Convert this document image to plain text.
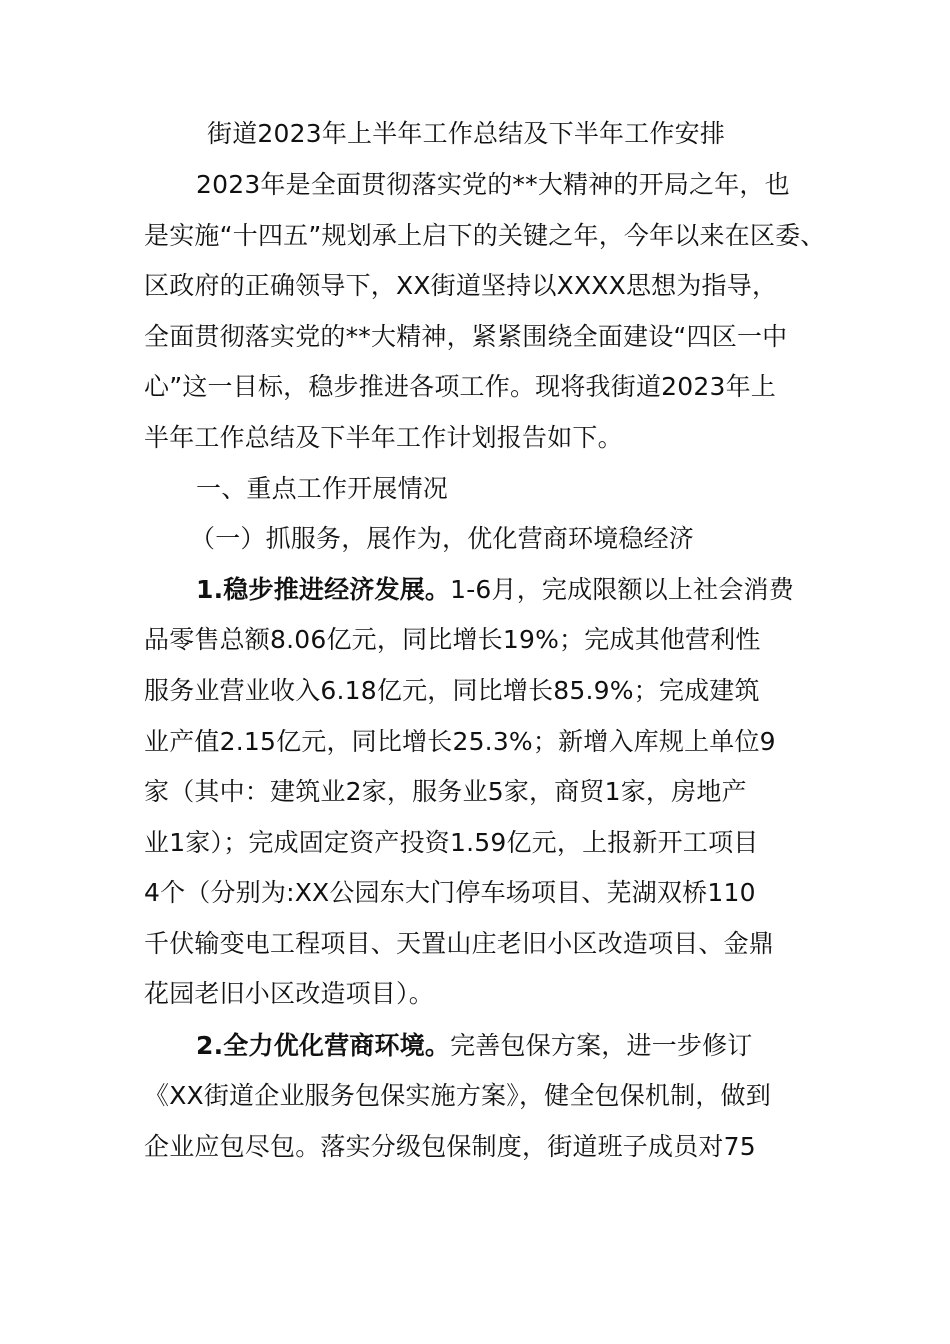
街道2023年上半年工作总结及下半年工作安排
2023年是全面贯彻落实党的**大精神的开局之年，也
是实施“十四五”规划承上启下的关键之年，今年以来在区委、
区政府的正确领导下，XX街道坚持以XXXX思想为指导，
全面贯彻落实党的**大精神，紧紧围绕全面建设“四区一中
心”这一目标，稳步推进各项工作。现将我街道2023年上
半年工作总结及下半年工作计划报告如下。
一、重点工作开展情况
（一）抓服务，展作为，优化营商环境稳经济
1.稳步推进经济发展。1-6月，完成限额以上社会消费
品零售总额8.06亿元，同比增长19%；完成其他营利性
服务业营业收入6.18亿元，同比增长85.9%；完成建筑
业产值2.15亿元，同比增长25.3%；新增入库规上单位9
家（其中：建筑业2家，服务业5家，商贸1家，房地产
业1家）；完成固定资产投资1.59亿元，上报新开工项目
4个（分别为:XX公园东大门停车场项目、芜湖双桥110
千伏输变电工程项目、天置山庄老旧小区改造项目、金鼎
花园老旧小区改造项目）。
2.全力优化营商环境。完善包保方案，进一步修订
《XX街道企业服务包保实施方案》，健全包保机制，做到
企业应包尽包。落实分级包保制度，街道班子成员对75
